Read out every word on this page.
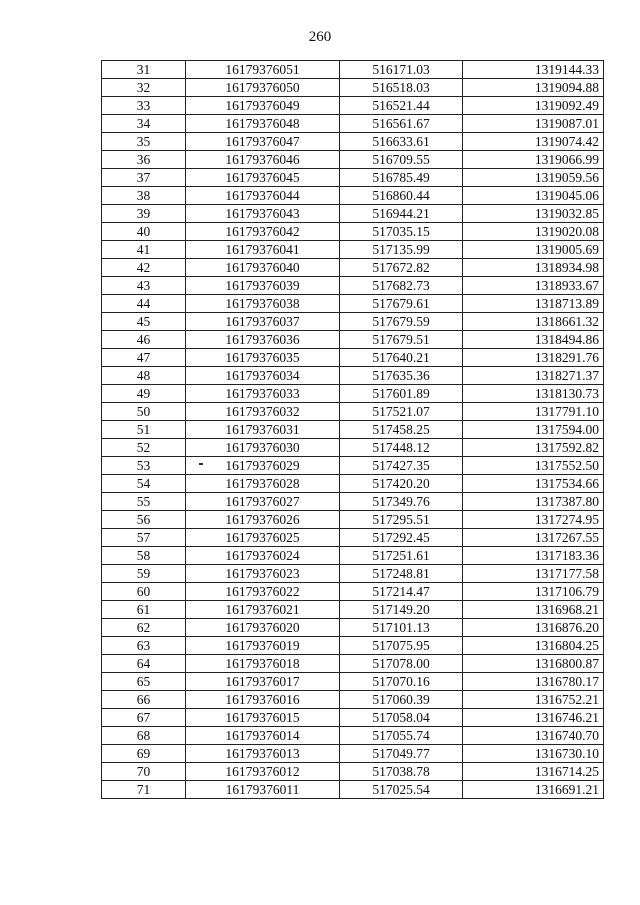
260
31	16179376051	516171.03	1319144.33
32	16179376050	516518.03	1319094.88
33	16179376049	516521.44	1319092.49
34	16179376048	516561.67	1319087.01
35	16179376047	516633.61	1319074.42
36	16179376046	516709.55	1319066.99
37	16179376045	516785.49	1319059.56
38	16179376044	516860.44	1319045.06
39	16179376043	516944.21	1319032.85
40	16179376042	517035.15	1319020.08
41	16179376041	517135.99	1319005.69
42	16179376040	517672.82	1318934.98
43	16179376039	517682.73	1318933.67
44	16179376038	517679.61	1318713.89
45	16179376037	517679.59	1318661.32
46	16179376036	517679.51	1318494.86
47	16179376035	517640.21	1318291.76
48	16179376034	517635.36	1318271.37
49	16179376033	517601.89	1318130.73
50	16179376032	517521.07	1317791.10
51	16179376031	517458.25	1317594.00
52	16179376030	517448.12	1317592.82
53	16179376029	517427.35	1317552.50
54	16179376028	517420.20	1317534.66
55	16179376027	517349.76	1317387.80
56	16179376026	517295.51	1317274.95
57	16179376025	517292.45	1317267.55
58	16179376024	517251.61	1317183.36
59	16179376023	517248.81	1317177.58
60	16179376022	517214.47	1317106.79
61	16179376021	517149.20	1316968.21
62	16179376020	517101.13	1316876.20
63	16179376019	517075.95	1316804.25
64	16179376018	517078.00	1316800.87
65	16179376017	517070.16	1316780.17
66	16179376016	517060.39	1316752.21
67	16179376015	517058.04	1316746.21
68	16179376014	517055.74	1316740.70
69	16179376013	517049.77	1316730.10
70	16179376012	517038.78	1316714.25
71	16179376011	517025.54	1316691.21
